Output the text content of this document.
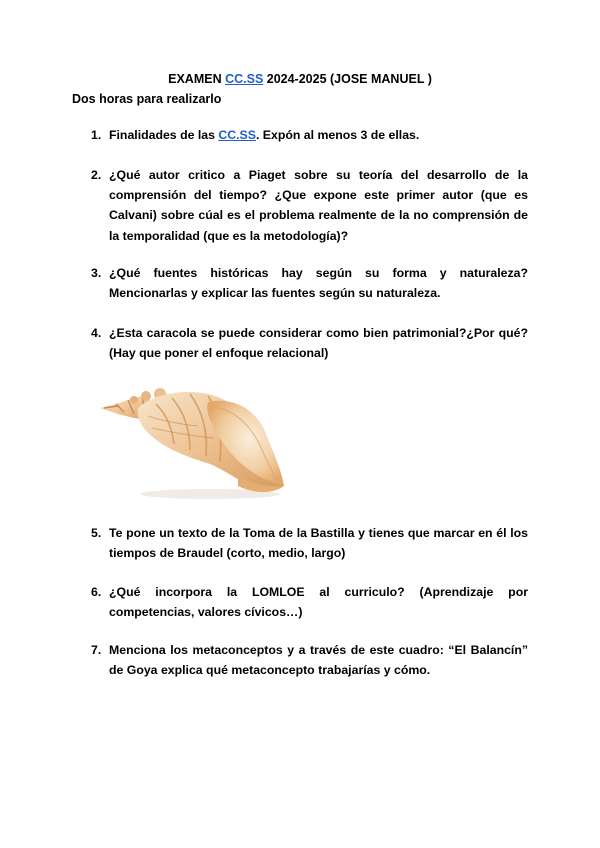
EXAMEN CC.SS 2024-2025 (JOSE MANUEL )
Dos horas para realizarlo
1. Finalidades de las CC.SS. Expón al menos 3 de ellas.
2. ¿Qué autor critico a Piaget sobre su teoría del desarrollo de la comprensión del tiempo? ¿Que expone este primer autor (que es Calvani) sobre cúal es el problema realmente de la no comprensión de la temporalidad (que es la metodología)?
3. ¿Qué fuentes históricas hay según su forma y naturaleza? Mencionarlas y explicar las fuentes según su naturaleza.
4. ¿Esta caracola se puede considerar como bien patrimonial?¿Por qué? (Hay que poner el enfoque relacional)
5. Te pone un texto de la Toma de la Bastilla y tienes que marcar en él los tiempos de Braudel (corto, medio, largo)
6. ¿Qué incorpora la LOMLOE al curriculo? (Aprendizaje por competencias, valores cívicos…)
7. Menciona los metaconceptos y a través de este cuadro: “El Balancín” de Goya explica qué metaconcepto trabajarías y cómo.
